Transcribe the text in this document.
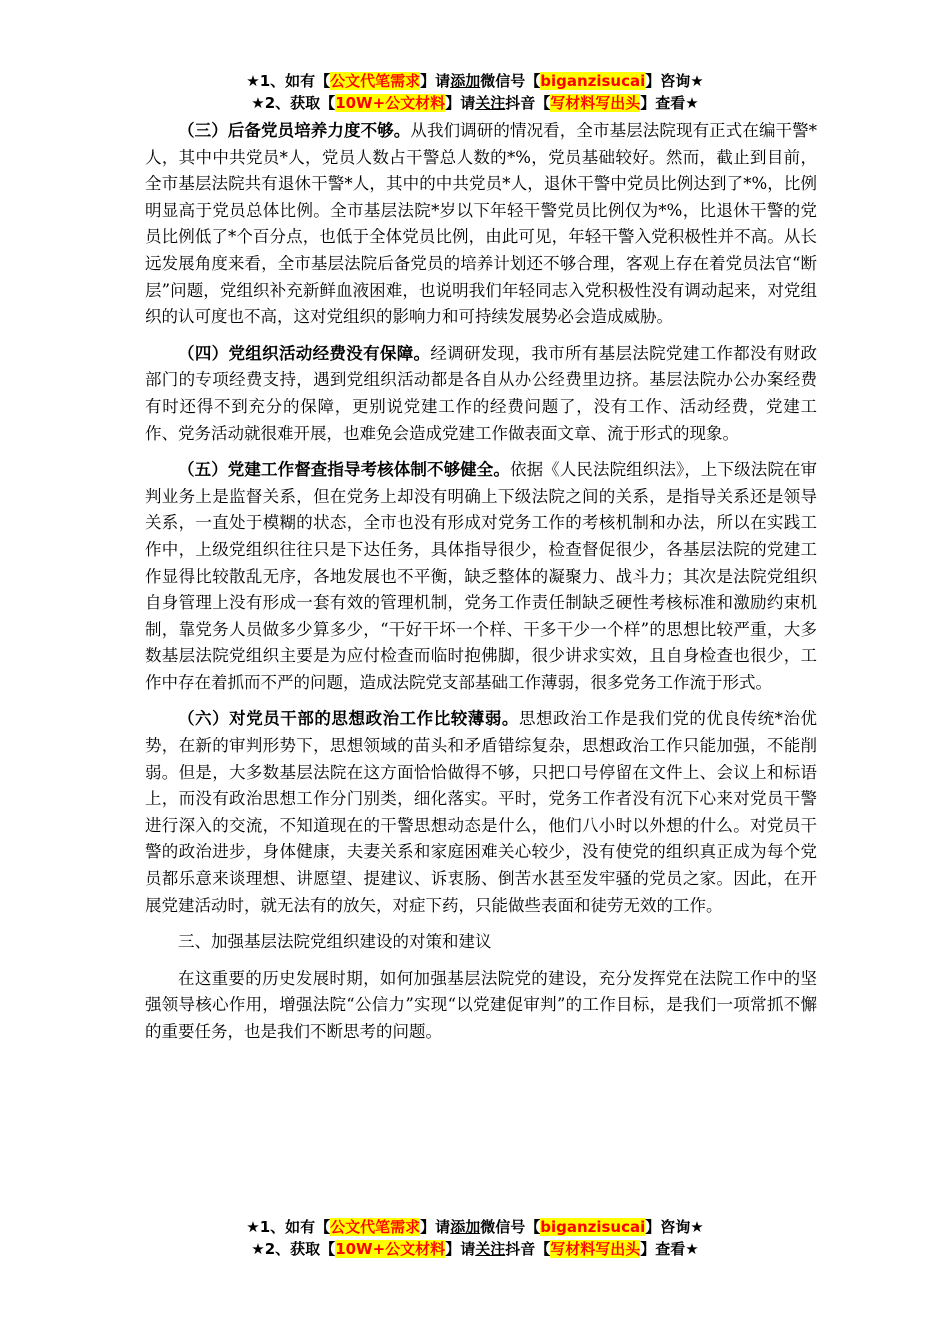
★1、如有【公文代笔需求】请添加微信号【biganzisucai】咨询★
★2、获取【10W+公文材料】请关注抖音【写材料写出头】查看★

（三）后备党员培养力度不够。从我们调研的情况看，全市基层法院现有正式在编干警*人，其中中共党员*人，党员人数占干警总人数的*%，党员基础较好。然而，截止到目前，全市基层法院共有退休干警*人，其中的中共党员*人，退休干警中党员比例达到了*%，比例明显高于党员总体比例。全市基层法院*岁以下年轻干警党员比例仅为*%，比退休干警的党员比例低了*个百分点，也低于全体党员比例，由此可见，年轻干警入党积极性并不高。从长远发展角度来看，全市基层法院后备党员的培养计划还不够合理，客观上存在着党员法官“断层”问题，党组织补充新鲜血液困难，也说明我们年轻同志入党积极性没有调动起来，对党组织的认可度也不高，这对党组织的影响力和可持续发展势必会造成威胁。

（四）党组织活动经费没有保障。经调研发现，我市所有基层法院党建工作都没有财政部门的专项经费支持，遇到党组织活动都是各自从办公经费里边挤。基层法院办公办案经费有时还得不到充分的保障，更别说党建工作的经费问题了，没有工作、活动经费，党建工作、党务活动就很难开展，也难免会造成党建工作做表面文章、流于形式的现象。

（五）党建工作督查指导考核体制不够健全。依据《人民法院组织法》，上下级法院在审判业务上是监督关系，但在党务上却没有明确上下级法院之间的关系，是指导关系还是领导关系，一直处于模糊的状态，全市也没有形成对党务工作的考核机制和办法，所以在实践工作中，上级党组织往往只是下达任务，具体指导很少，检查督促很少，各基层法院的党建工作显得比较散乱无序，各地发展也不平衡，缺乏整体的凝聚力、战斗力；其次是法院党组织自身管理上没有形成一套有效的管理机制，党务工作责任制缺乏硬性考核标准和激励约束机制，靠党务人员做多少算多少，“干好干坏一个样、干多干少一个样”的思想比较严重，大多数基层法院党组织主要是为应付检查而临时抱佛脚，很少讲求实效，且自身检查也很少，工作中存在着抓而不严的问题，造成法院党支部基础工作薄弱，很多党务工作流于形式。

（六）对党员干部的思想政治工作比较薄弱。思想政治工作是我们党的优良传统*治优势，在新的审判形势下，思想领域的苗头和矛盾错综复杂，思想政治工作只能加强，不能削弱。但是，大多数基层法院在这方面恰恰做得不够，只把口号停留在文件上、会议上和标语上，而没有政治思想工作分门别类，细化落实。平时，党务工作者没有沉下心来对党员干警进行深入的交流，不知道现在的干警思想动态是什么，他们八小时以外想的什么。对党员干警的政治进步，身体健康，夫妻关系和家庭困难关心较少，没有使党的组织真正成为每个党员都乐意来谈理想、讲愿望、提建议、诉衷肠、倒苦水甚至发牢骚的党员之家。因此，在开展党建活动时，就无法有的放矢，对症下药，只能做些表面和徒劳无效的工作。

三、加强基层法院党组织建设的对策和建议

在这重要的历史发展时期，如何加强基层法院党的建设，充分发挥党在法院工作中的坚强领导核心作用，增强法院“公信力”实现“以党建促审判”的工作目标，是我们一项常抓不懈的重要任务，也是我们不断思考的问题。

★1、如有【公文代笔需求】请添加微信号【biganzisucai】咨询★
★2、获取【10W+公文材料】请关注抖音【写材料写出头】查看★
